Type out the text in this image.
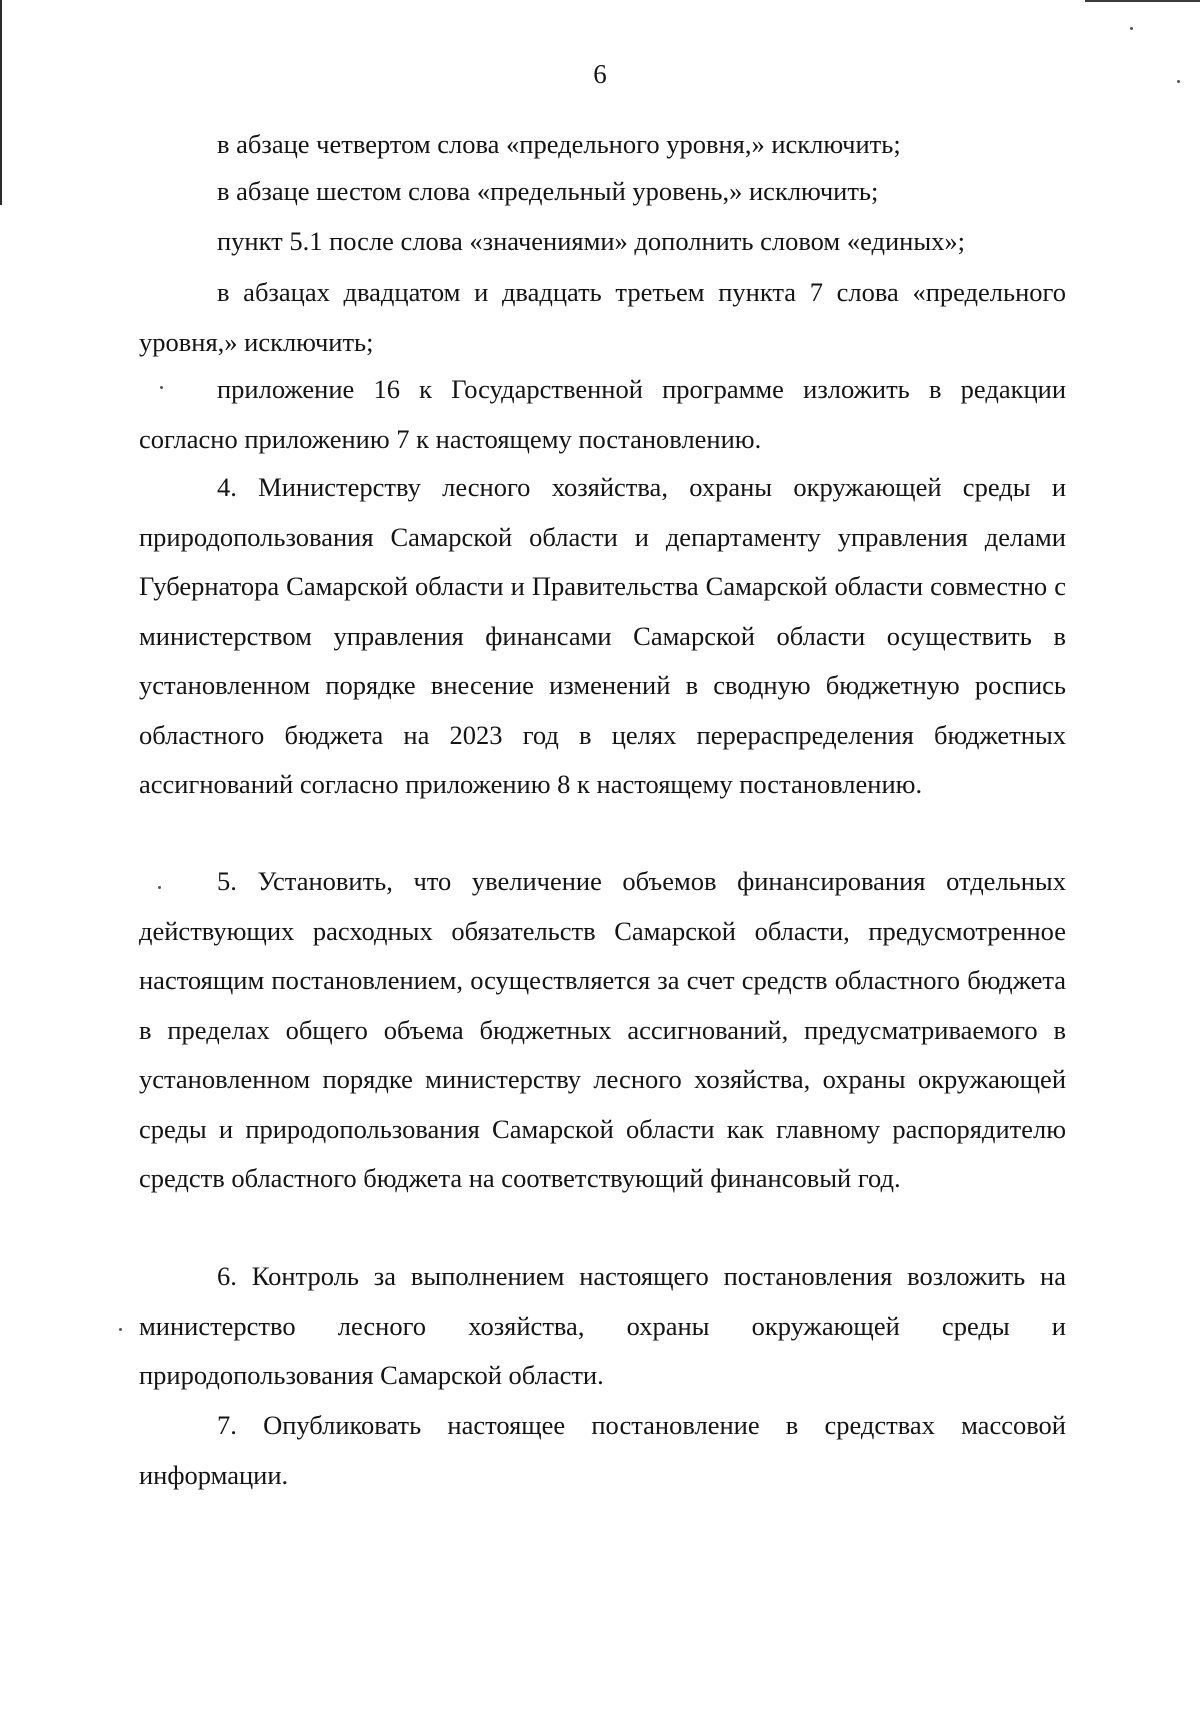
6

в абзаце четвертом слова «предельного уровня,» исключить;

в абзаце шестом слова «предельный уровень,» исключить;

пункт 5.1 после слова «значениями» дополнить словом «единых»;

в абзацах двадцатом и двадцать третьем пункта 7 слова «предельного уровня,» исключить;

приложение 16 к Государственной программе изложить в редакции согласно приложению 7 к настоящему постановлению.

4. Министерству лесного хозяйства, охраны окружающей среды и природопользования Самарской области и департаменту управления делами Губернатора Самарской области и Правительства Самарской области совместно с министерством управления финансами Самарской области осуществить в установленном порядке внесение изменений в сводную бюджетную роспись областного бюджета на 2023 год в целях перераспределения бюджетных ассигнований согласно приложению 8 к настоящему постановлению.

5. Установить, что увеличение объемов финансирования отдельных действующих расходных обязательств Самарской области, предусмотренное настоящим постановлением, осуществляется за счет средств областного бюджета в пределах общего объема бюджетных ассигнований, предусматриваемого в установленном порядке министерству лесного хозяйства, охраны окружающей среды и природопользования Самарской области как главному распорядителю средств областного бюджета на соответствующий финансовый год.

6. Контроль за выполнением настоящего постановления возложить на министерство лесного хозяйства, охраны окружающей среды и природопользования Самарской области.

7. Опубликовать настоящее постановление в средствах массовой информации.
